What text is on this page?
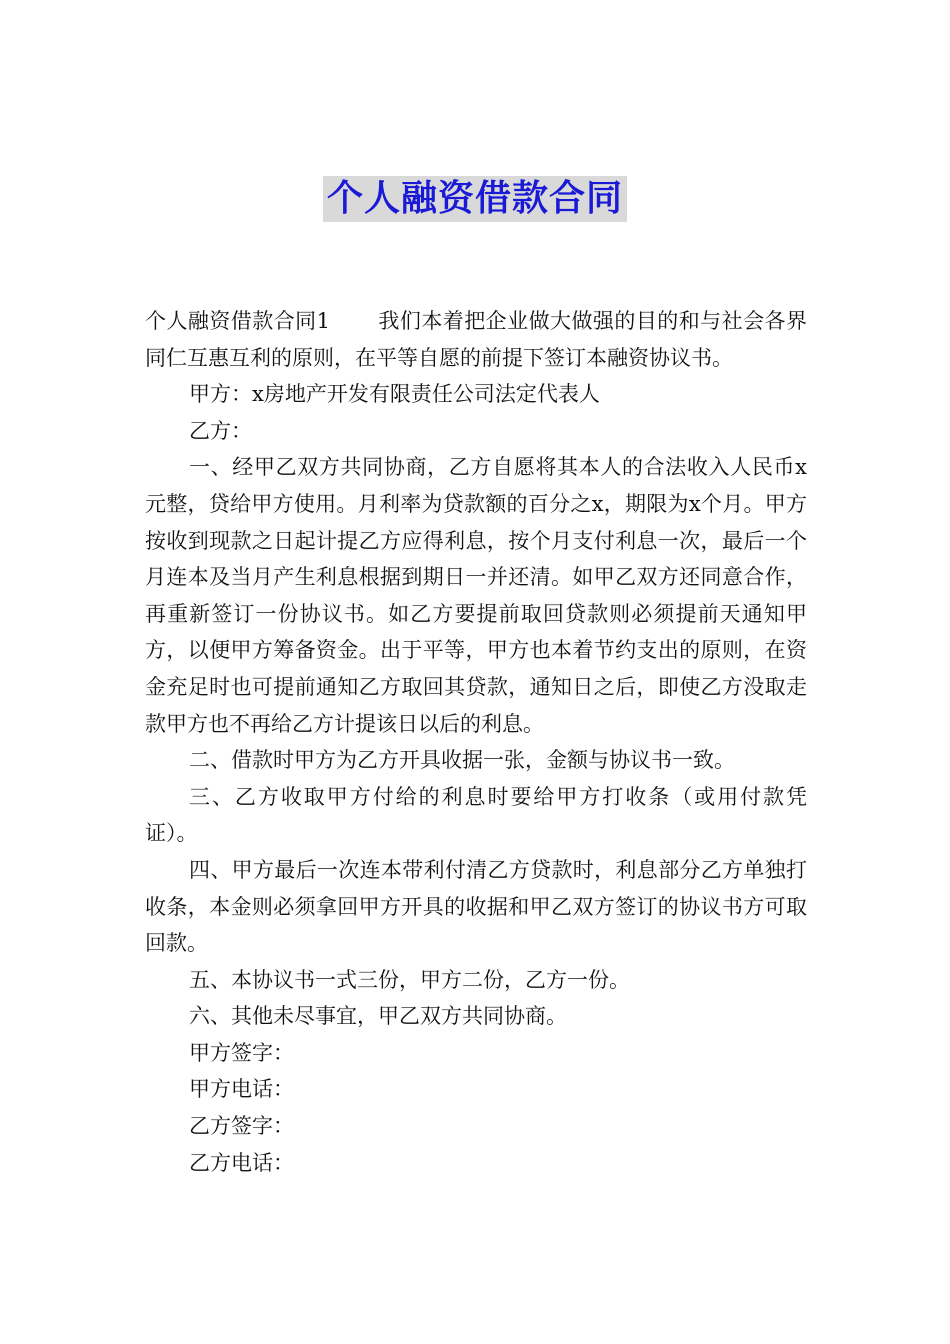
个人融资借款合同

个人融资借款合同1 我们本着把企业做大做强的目的和与社会各界同仁互惠互利的原则，在平等自愿的前提下签订本融资协议书。

甲方：x房地产开发有限责任公司法定代表人

乙方：

一、经甲乙双方共同协商，乙方自愿将其本人的合法收入人民币x元整，贷给甲方使用。月利率为贷款额的百分之x，期限为x个月。甲方按收到现款之日起计提乙方应得利息，按个月支付利息一次，最后一个月连本及当月产生利息根据到期日一并还清。如甲乙双方还同意合作，再重新签订一份协议书。如乙方要提前取回贷款则必须提前天通知甲方，以便甲方筹备资金。出于平等，甲方也本着节约支出的原则，在资金充足时也可提前通知乙方取回其贷款，通知日之后，即使乙方没取走款甲方也不再给乙方计提该日以后的利息。

二、借款时甲方为乙方开具收据一张，金额与协议书一致。

三、乙方收取甲方付给的利息时要给甲方打收条（或用付款凭证）。

四、甲方最后一次连本带利付清乙方贷款时，利息部分乙方单独打收条，本金则必须拿回甲方开具的收据和甲乙双方签订的协议书方可取回款。

五、本协议书一式三份，甲方二份，乙方一份。

六、其他未尽事宜，甲乙双方共同协商。

甲方签字：

甲方电话：

乙方签字：

乙方电话：
